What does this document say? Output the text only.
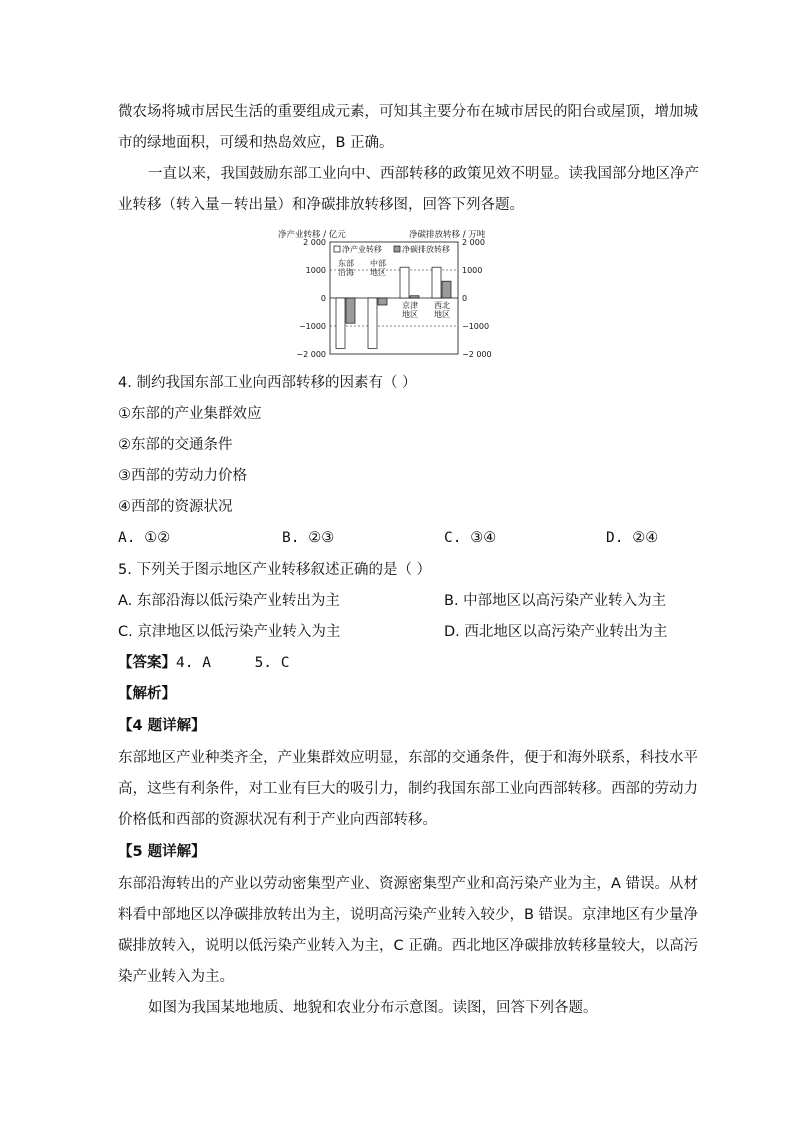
微农场将城市居民生活的重要组成元素，可知其主要分布在城市居民的阳台或屋顶，增加城
市的绿地面积，可缓和热岛效应，B 正确。
一直以来，我国鼓励东部工业向中、西部转移的政策见效不明显。读我国部分地区净产
业转移（转入量－转出量）和净碳排放转移图，回答下列各题。
净产业转移 / 亿元	净碳排放转移 / 万吨
2 000
1000
0
−1000
−2 000
2 000
1000
0
−1000
−2 000
净产业转移	净碳排放转移
东部沿海
中部地区
京津地区
西北地区
4. 制约我国东部工业向西部转移的因素有（ ）
①东部的产业集群效应
②东部的交通条件
③西部的劳动力价格
④西部的资源状况
A. ①②	B. ②③	C. ③④	D. ②④
5. 下列关于图示地区产业转移叙述正确的是（ ）
A. 东部沿海以低污染产业转出为主	B. 中部地区以高污染产业转入为主
C. 京津地区以低污染产业转入为主	D. 西北地区以高污染产业转出为主
【答案】4. A     5. C
【解析】
【4 题详解】
东部地区产业种类齐全，产业集群效应明显，东部的交通条件，便于和海外联系，科技水平
高，这些有利条件，对工业有巨大的吸引力，制约我国东部工业向西部转移。西部的劳动力
价格低和西部的资源状况有利于产业向西部转移。
【5 题详解】
东部沿海转出的产业以劳动密集型产业、资源密集型产业和高污染产业为主，A 错误。从材
料看中部地区以净碳排放转出为主，说明高污染产业转入较少，B 错误。京津地区有少量净
碳排放转入，说明以低污染产业转入为主，C 正确。西北地区净碳排放转移量较大，以高污
染产业转入为主。
如图为我国某地地质、地貌和农业分布示意图。读图，回答下列各题。
